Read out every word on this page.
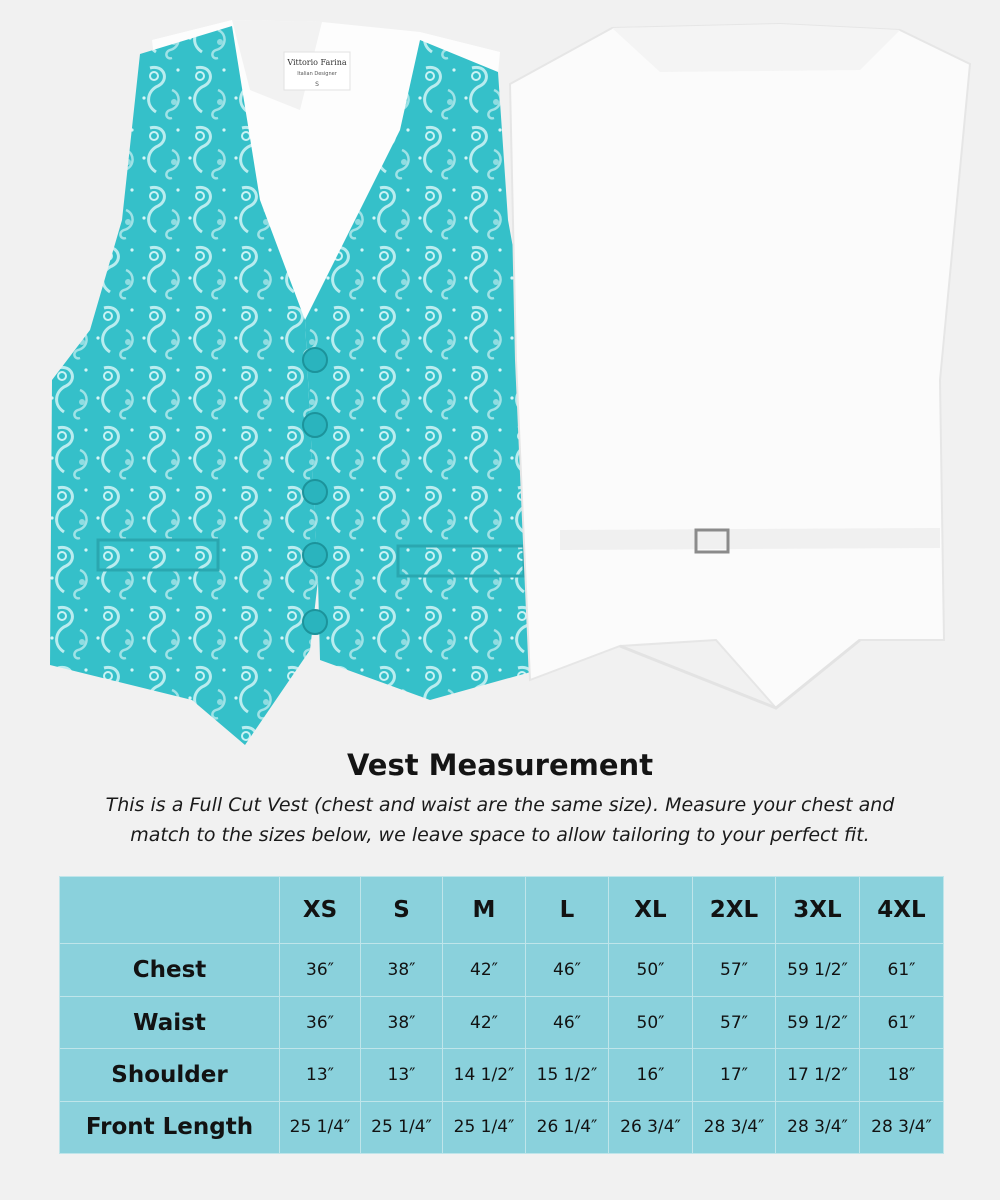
Vittorio Farina
Italian Designer
S
Vest Measurement
This is a Full Cut Vest (chest and waist are the same size). Measure your chest and
match to the sizes below, we leave space to allow tailoring to your perfect fit.
	XS	S	M	L	XL	2XL	3XL	4XL
Chest	36″	38″	42″	46″	50″	57″	59 1/2″	61″
Waist	36″	38″	42″	46″	50″	57″	59 1/2″	61″
Shoulder	13″	13″	14 1/2″	15 1/2″	16″	17″	17 1/2″	18″
Front Length	25 1/4″	25 1/4″	25 1/4″	26 1/4″	26 3/4″	28 3/4″	28 3/4″	28 3/4″
